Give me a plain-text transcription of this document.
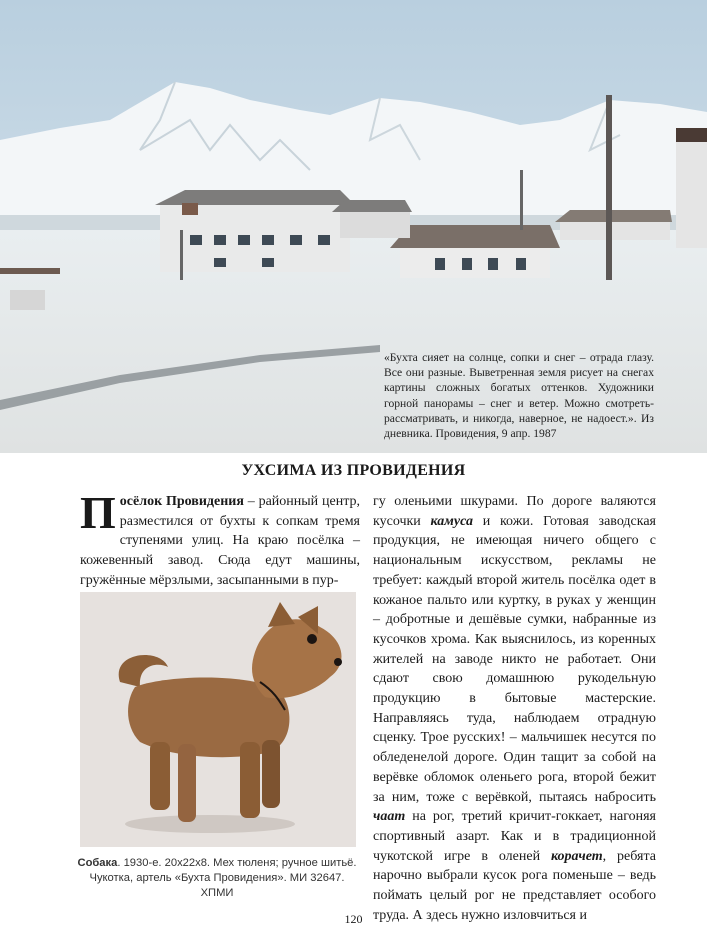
«Бухта сияет на солнце, сопки и снег – отрада глазу. Все они разные. Выветренная земля рисует на снегах картины сложных богатых оттенков. Художники горной панорамы – снег и ветер. Можно смотреть-рассматривать, и никогда, наверное, не надоест.». Из дневника. Провидения, 9 апр. 1987
УХСИМА ИЗ ПРОВИДЕНИЯ

Посёлок Провидения – районный центр, разместился от бухты к сопкам тремя ступенями улиц. На краю посёлка – кожевенный завод. Сюда едут машины, гружённые мёрзлыми, засыпанными в пур-

Собака. 1930-е. 20х22х8. Мех тюленя; ручное шитьё. Чукотка, артель «Бухта Провидения». МИ 32647. ХПМИ

гу оленьими шкурами. По дороге валяются кусочки камуса и кожи. Готовая заводская продукция, не имеющая ничего общего с национальным искусством, рекламы не требует: каждый второй житель посёлка одет в кожаное пальто или куртку, в руках у женщин – добротные и дешёвые сумки, набранные из кусочков хрома. Как выяснилось, из коренных жителей на заводе никто не работает. Они сдают свою домашнюю рукодельную продукцию в бытовые мастерские. Направляясь туда, наблюдаем отрадную сценку. Трое русских! – мальчишек несутся по обледенелой дороге. Один тащит за собой на верёвке обломок оленьего рога, второй бежит за ним, тоже с верёвкой, пытаясь набросить чаат на рог, третий кричит-гоккает, нагоняя спортивный азарт. Как и в традиционной чукотской игре в оленей корачет, ребята нарочно выбрали кусок рога поменьше – ведь поймать целый рог не представляет особого труда. А здесь нужно изловчиться и

120
